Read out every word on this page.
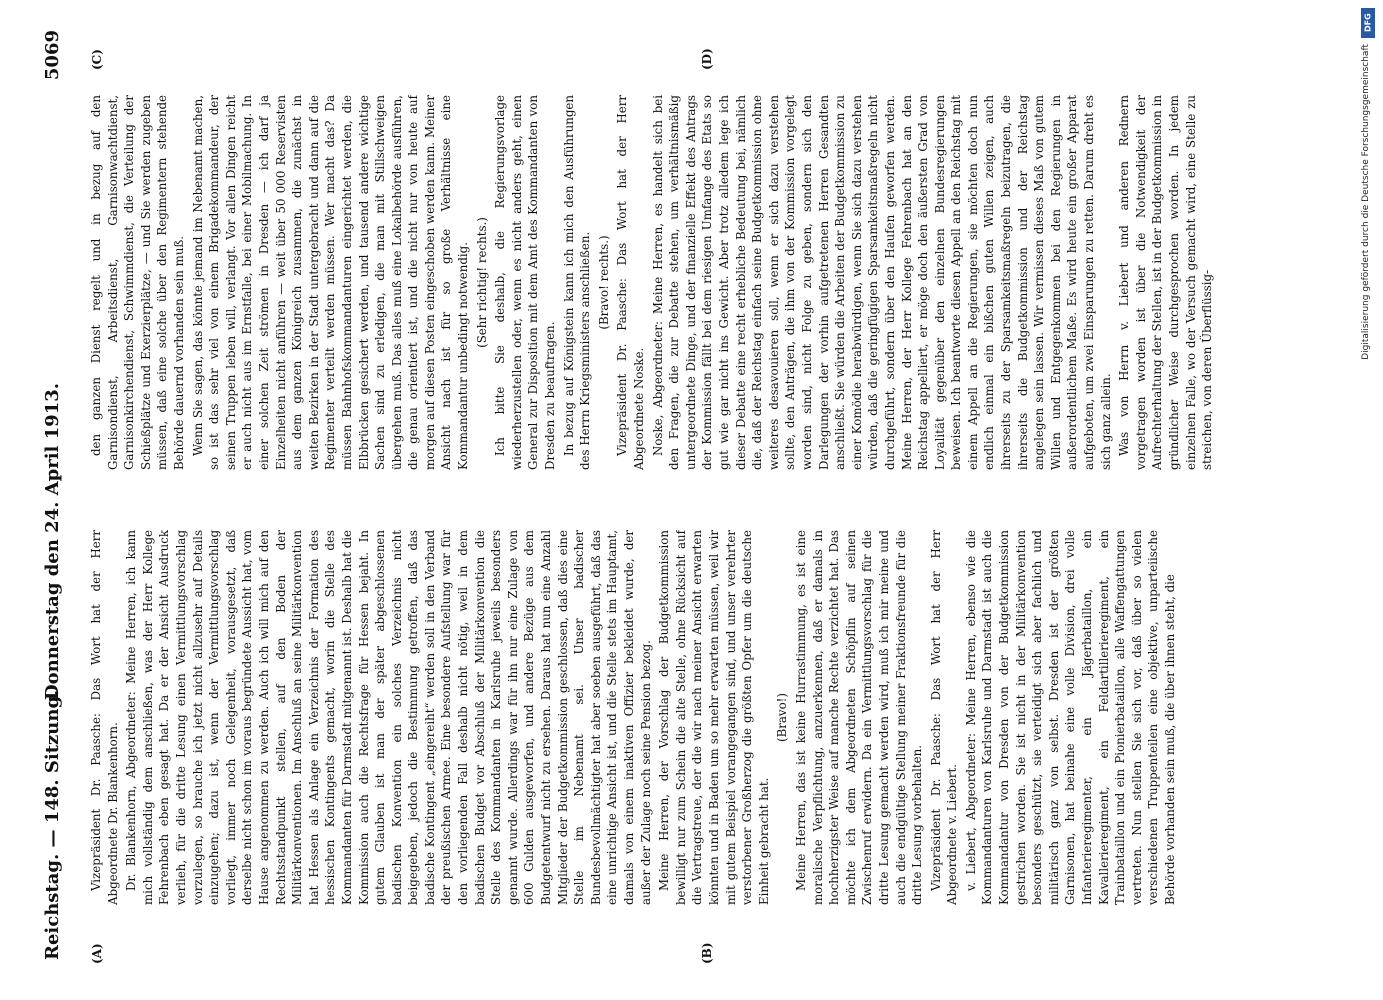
Reichstag. — 148. Sitzung.
Donnerstag den 24. April 1913.
5069
(A)	(B)
(C)	(D)

Vizepräsident Dr. Paasche: Das Wort hat der Herr Abgeordnete Dr. Blankenhorn. Dr. Blankenhorn, Abgeordneter: Meine Herren, ich kann mich vollständig dem anschließen, was der Herr Kollege Fehrenbach eben gesagt hat. Da er der Ansicht Ausdruck verlieh, für die dritte Lesung einen Vermittlungsvorschlag vorzulegen, so brauche ich jetzt nicht allzusehr auf Details einzugehen; dazu ist, wenn der Vermittlungsvorschlag vorliegt, immer noch Gelegenheit, vorausgesetzt, daß derselbe nicht schon im voraus begründete Aussicht hat, vom Hause angenommen zu werden. Auch ich will mich auf den Rechtsstandpunkt stellen, auf den Boden der Militärkonventionen. Im Anschluß an seine Militärkonvention hat Hessen als Anlage ein Verzeichnis der Formation des hessischen Kontingents gemacht, worin die Stelle des Kommandanten für Darmstadt mitgenannt ist. Deshalb hat die Kommission auch die Rechtsfrage für Hessen bejaht. In gutem Glauben ist man der später abgeschlossenen badischen Konvention ein solches Verzeichnis nicht beigegeben, jedoch die Bestimmung getroffen, daß das badische Kontingent „eingereiht“ werden soll in den Verband der preußischen Armee. Eine besondere Aufstellung war für den vorliegenden Fall deshalb nicht nötig, weil in dem badischen Budget vor Abschluß der Militärkonvention die Stelle des Kommandanten in Karlsruhe jeweils besonders genannt wurde. Allerdings war für ihn nur eine Zulage von 600 Gulden ausgeworfen, und andere Bezüge aus dem Budgetentwurf nicht zu ersehen. Daraus hat nun eine Anzahl Mitglieder der Budgetkommission geschlossen, daß dies eine Stelle im Nebenamt sei. Unser badischer Bundesbevollmächtigter hat aber soeben ausgeführt, daß das eine unrichtige Ansicht ist, und die Stelle stets im Hauptamt, damals von einem inaktiven Offizier bekleidet wurde, der außer der Zulage noch seine Pension bezog. Meine Herren, der Vorschlag der Budgetkommission bewilligt nur zum Schein die alte Stelle, ohne Rücksicht auf die Vertragstreue, der die wir nach meiner Ansicht erwarten könnten und in Baden um so mehr erwarten müssen, weil wir mit gutem Beispiel vorangegangen sind, und unser verehrter verstorbener Großherzog die größten Opfer um die deutsche Einheit gebracht hat.

(Bravo!) Meine Herren, das ist keine Hurrastimmung, es ist eine moralische Verpflichtung, anzuerkennen, daß er damals in hochherzigster Weise auf manche Rechte verzichtet hat. Das möchte ich dem Abgeordneten Schöpflin auf seinen Zwischenruf erwidern. Da ein Vermittlungsvorschlag für die dritte Lesung gemacht werden wird, muß ich mir meine und auch die endgültige Stellung meiner Fraktionsfreunde für die dritte Lesung vorbehalten. Vizepräsident Dr. Paasche: Das Wort hat der Herr Abgeordnete v. Liebert. v. Liebert, Abgeordneter: Meine Herren, ebenso wie die Kommandanturen von Karlsruhe und Darmstadt ist auch die Kommandantur von Dresden von der Budgetkommission gestrichen worden. Sie ist nicht in der Militärkonvention besonders geschützt, sie verteidigt sich aber fachlich und militärisch ganz von selbst. Dresden ist der größten Garnisonen, hat beinahe eine volle Division, drei volle Infanterieregimenter, ein Jägerbataillon, ein Kavallerieregiment, ein Feldartillerieregiment, ein Trainbataillon und ein Pionierbataillon, alle Waffengattungen vertreten. Nun stellen Sie sich vor, daß über so vielen verschiedenen Truppenteilen eine objektive, unparteiische Behörde vorhanden sein muß, die über ihnen steht, die

den ganzen Dienst regelt und in bezug auf den Garnisondienst, Arbeitsdienst, Garnisonwachtdienst, Garnisonkirchendienst, Schwimmdienst, die Verteilung der Schießplätze und Exerzierplätze, — und Sie werden zugeben müssen, daß eine solche über den Regimentern stehende Behörde dauernd vorhanden sein muß. Wenn Sie sagen, das könnte jemand im Nebenamt machen, so ist das sehr viel von einem Brigadekommandeur, der seinen Truppen leben will, verlangt. Vor allen Dingen reicht er auch nicht aus im Ernstfalle, bei einer Mobilmachung. In einer solchen Zeit strömen in Dresden — ich darf ja Einzelheiten nicht anführen — weit über 50 000 Reservisten aus dem ganzen Königreich zusammen, die zunächst in weiten Bezirken in der Stadt untergebracht und dann auf die Regimenter verteilt werden müssen. Wer macht das? Da müssen Bahnhofskommandanturen eingerichtet werden, die Elbbrücken gesichert werden, und tausend andere wichtige Sachen sind zu erledigen, die man mit Stillschweigen übergehen muß. Das alles muß eine Lokalbehörde ausführen, die genau orientiert ist, und die nicht nur von heute auf morgen auf diesen Posten eingeschoben werden kann. Meiner Ansicht nach ist für so große Verhältnisse eine Kommandantur unbedingt notwendig. (Sehr richtig! rechts.) Ich bitte Sie deshalb, die Regierungsvorlage wiederherzustellen oder, wenn es nicht anders geht, einen General zur Disposition mit dem Amt des Kommandanten von Dresden zu beauftragen. In bezug auf Königstein kann ich mich den Ausführungen des Herrn Kriegsministers anschließen. (Bravo! rechts.) Vizepräsident Dr. Paasche: Das Wort hat der Herr Abgeordnete Noske. Noske, Abgeordneter: Meine Herren, es handelt sich bei den Fragen, die zur Debatte stehen, um verhältnismäßig untergeordnete Dinge, und der finanzielle Effekt des Antrags der Kommission fällt bei dem riesigen Umfange des Etats so gut wie gar nicht ins Gewicht. Aber trotz alledem lege ich dieser Debatte eine recht erhebliche Bedeutung bei, nämlich die, daß der Reichstag einfach seine Budgetkommission ohne weiteres desavouieren soll, wenn er sich dazu verstehen sollte, den Anträgen, die ihm von der Kommission vorgelegt worden sind, nicht Folge zu geben, sondern sich den Darlegungen der vorhin aufgetretenen Herren Gesandten anschließt. Sie würden die Arbeiten der Budgetkommission zu einer Komödie herabwürdigen, wenn Sie sich dazu verstehen würden, daß die geringfügigen Sparsamkeitsmaßregeln nicht durchgeführt, sondern über den Haufen geworfen werden. Meine Herren, der Herr Kollege Fehrenbach hat an den Reichstag appelliert, er möge doch den äußersten Grad von Loyalität gegenüber den einzelnen Bundesregierungen beweisen. Ich beantworte diesen Appell an den Reichstag mit einem Appell an die Regierungen, sie möchten doch nun endlich einmal ein bißchen guten Willen zeigen, auch ihrerseits zu der Sparsamkeitsmaßregeln beizutragen, die ihrerseits die Budgetkommission und der Reichstag angelegen sein lassen. Wir vermissen dieses Maß von gutem Willen und Entgegenkommen bei den Regierungen in außerordentlichem Maße. Es wird heute ein großer Apparat aufgeboten, um zwei Einsparungen zu retten. Darum dreht es sich ganz allein. Was von Herrn v. Liebert und anderen Rednern vorgetragen worden ist über die Notwendigkeit der Aufrechterhaltung der Stellen, ist in der Budgetkommission in gründlicher Weise durchgesprochen worden. In jedem einzelnen Falle, wo der Versuch gemacht wird, eine Stelle zu streichen, von deren Überflüssig-

DFG
Digitalisierung gefördert durch die Deutsche Forschungsgemeinschaft
